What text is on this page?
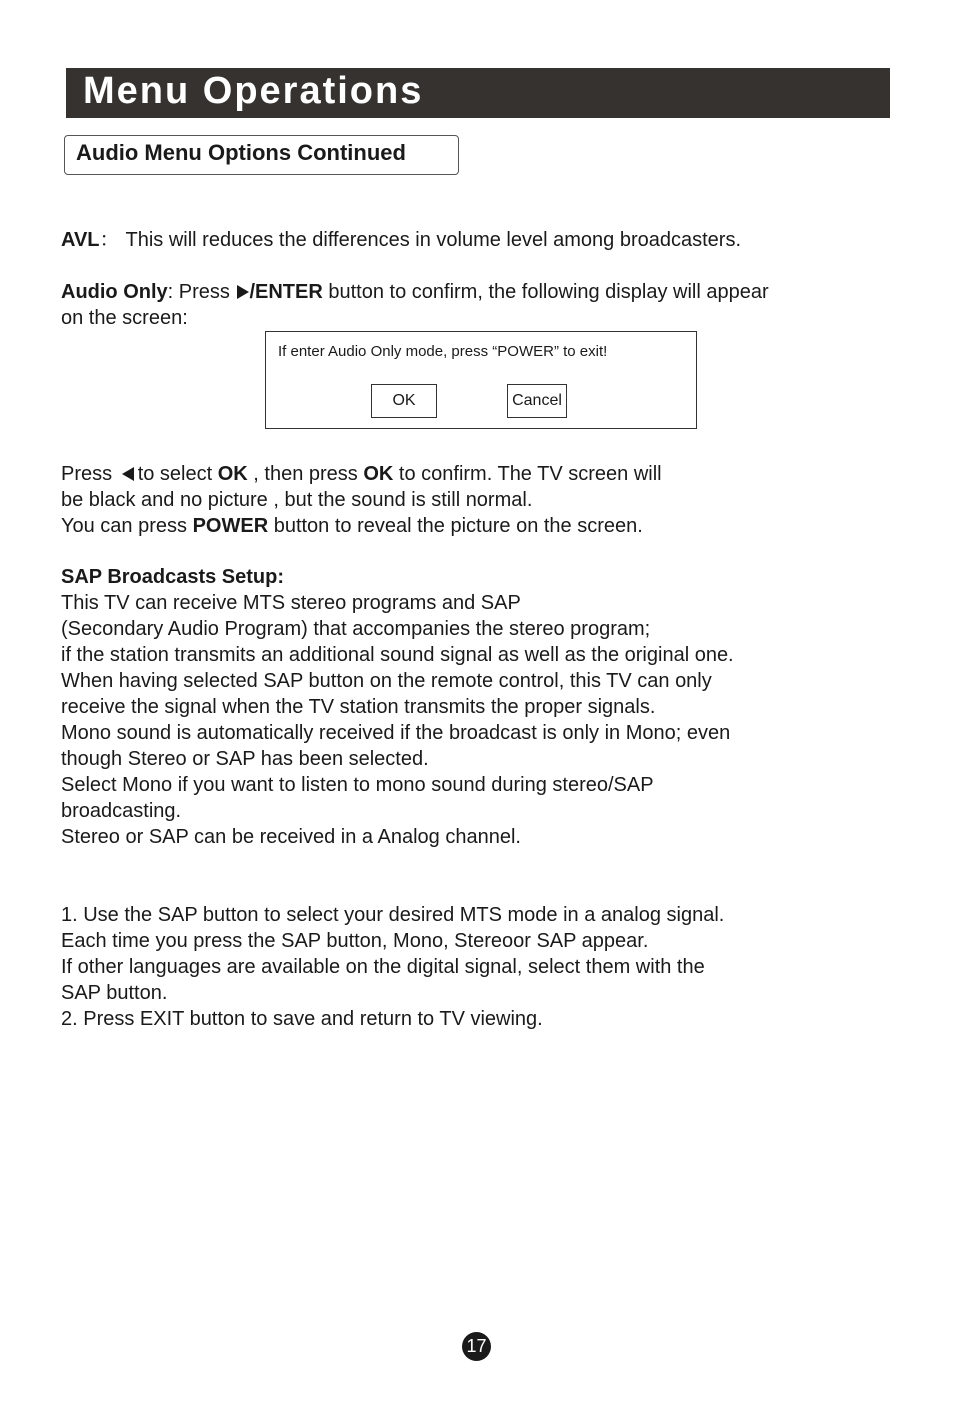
Menu Operations
Audio Menu Options Continued

AVL： This will reduces the differences in volume level among broadcasters.

Audio Only: Press /ENTER button to confirm, the following display will appear

on the screen:

If enter Audio Only mode, press “POWER” to exit!
OK	Cancel

Press to select OK , then press OK to confirm. The TV screen will

be black and no picture , but the sound is still normal.

You can press POWER button to reveal the picture on the screen.

SAP Broadcasts Setup:

This TV can receive MTS stereo programs and SAP

(Secondary Audio Program) that accompanies the stereo program;

if the station transmits an additional sound signal as well as the original one.

When having selected SAP button on the remote control, this TV can only

receive the signal when the TV station transmits the proper signals.

Mono sound is automatically received if the broadcast is only in Mono; even

though Stereo or SAP has been selected.

Select Mono if you want to listen to mono sound during stereo/SAP

broadcasting.

Stereo or SAP can be received in a Analog channel.

1. Use the SAP button to select your desired MTS mode in a analog signal.

Each time you press the SAP button, Mono, Stereoor SAP appear.

If other languages are available on the digital signal, select them with the

SAP button.

2. Press EXIT button to save and return to TV viewing.

17
